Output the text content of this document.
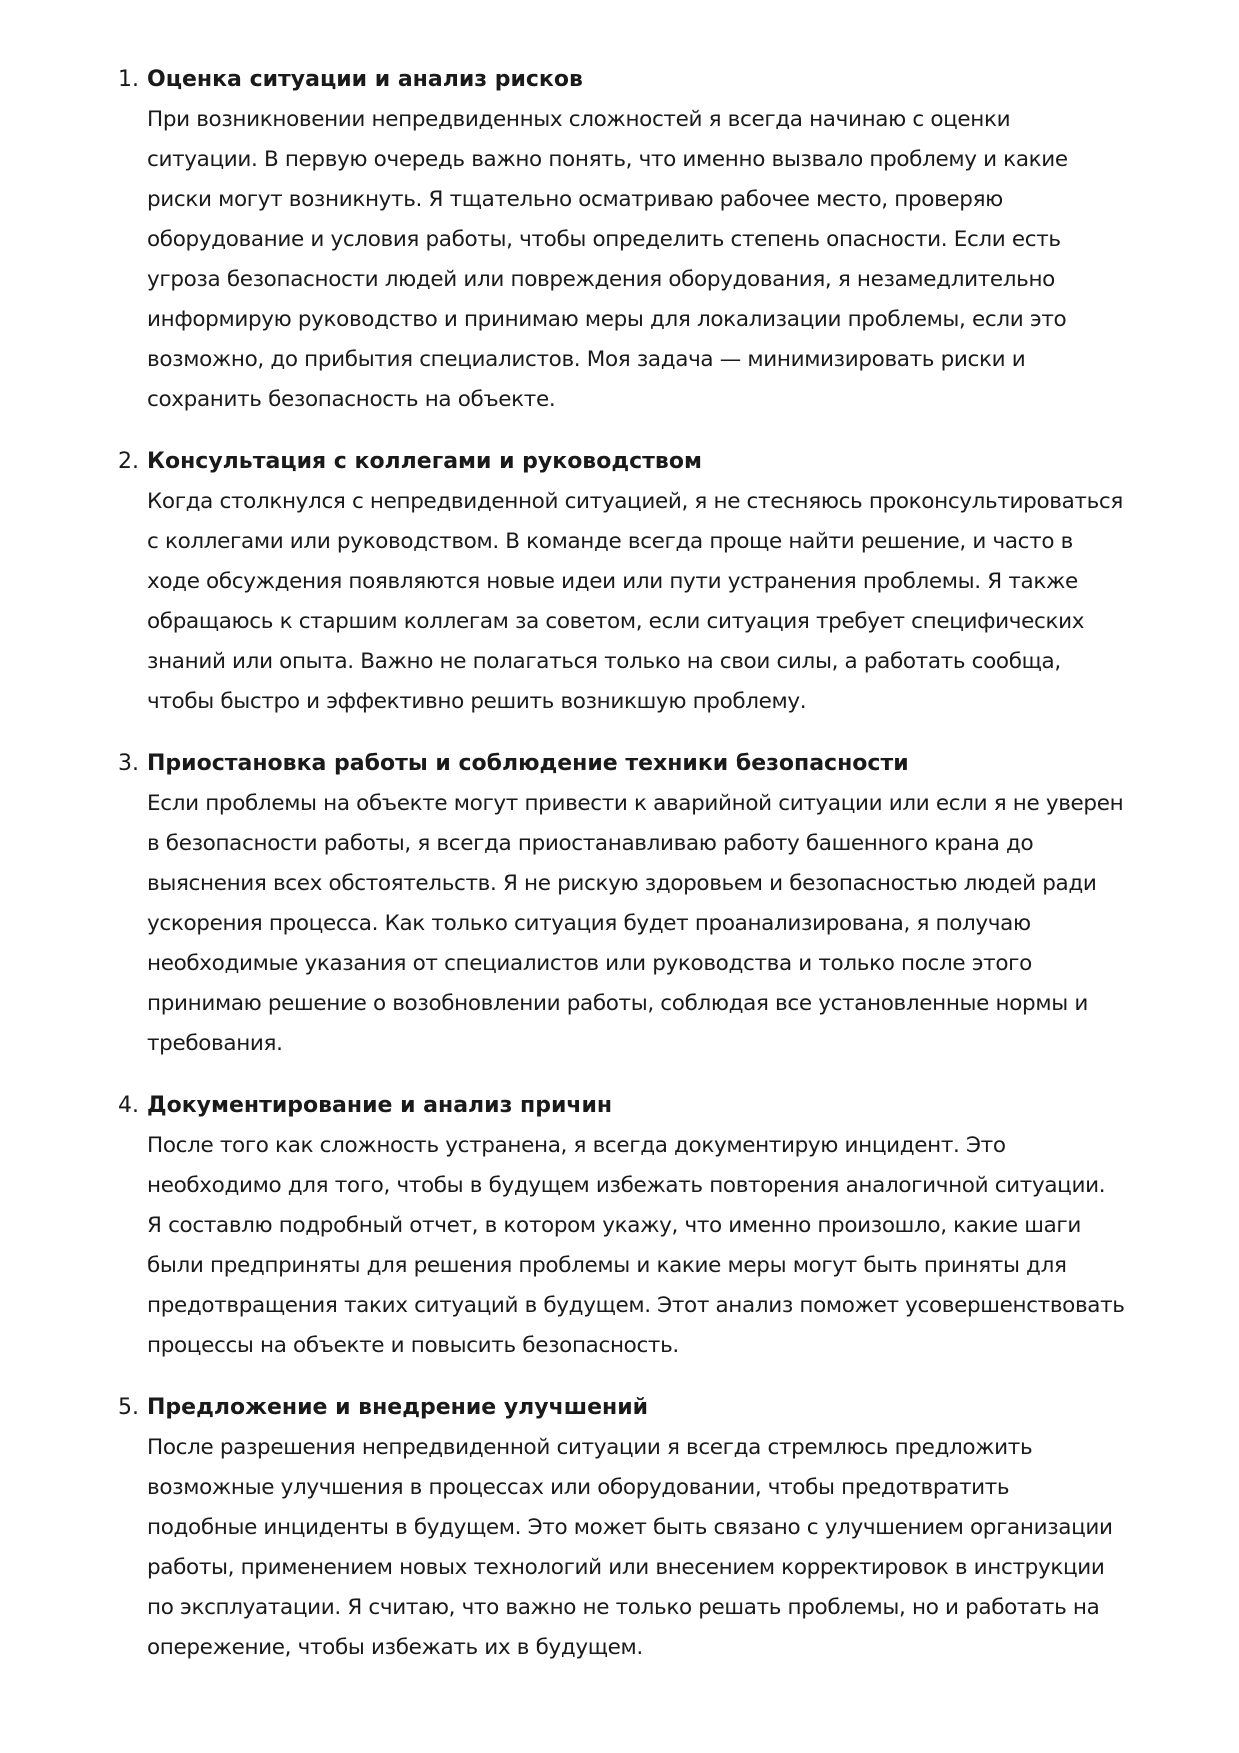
1. Оценка ситуации и анализ рисков
При возникновении непредвиденных сложностей я всегда начинаю с оценки
ситуации. В первую очередь важно понять, что именно вызвало проблему и какие
риски могут возникнуть. Я тщательно осматриваю рабочее место, проверяю
оборудование и условия работы, чтобы определить степень опасности. Если есть
угроза безопасности людей или повреждения оборудования, я незамедлительно
информирую руководство и принимаю меры для локализации проблемы, если это
возможно, до прибытия специалистов. Моя задача — минимизировать риски и
сохранить безопасность на объекте.
2. Консультация с коллегами и руководством
Когда столкнулся с непредвиденной ситуацией, я не стесняюсь проконсультироваться
с коллегами или руководством. В команде всегда проще найти решение, и часто в
ходе обсуждения появляются новые идеи или пути устранения проблемы. Я также
обращаюсь к старшим коллегам за советом, если ситуация требует специфических
знаний или опыта. Важно не полагаться только на свои силы, а работать сообща,
чтобы быстро и эффективно решить возникшую проблему.
3. Приостановка работы и соблюдение техники безопасности
Если проблемы на объекте могут привести к аварийной ситуации или если я не уверен
в безопасности работы, я всегда приостанавливаю работу башенного крана до
выяснения всех обстоятельств. Я не рискую здоровьем и безопасностью людей ради
ускорения процесса. Как только ситуация будет проанализирована, я получаю
необходимые указания от специалистов или руководства и только после этого
принимаю решение о возобновлении работы, соблюдая все установленные нормы и
требования.
4. Документирование и анализ причин
После того как сложность устранена, я всегда документирую инцидент. Это
необходимо для того, чтобы в будущем избежать повторения аналогичной ситуации.
Я составлю подробный отчет, в котором укажу, что именно произошло, какие шаги
были предприняты для решения проблемы и какие меры могут быть приняты для
предотвращения таких ситуаций в будущем. Этот анализ поможет усовершенствовать
процессы на объекте и повысить безопасность.
5. Предложение и внедрение улучшений
После разрешения непредвиденной ситуации я всегда стремлюсь предложить
возможные улучшения в процессах или оборудовании, чтобы предотвратить
подобные инциденты в будущем. Это может быть связано с улучшением организации
работы, применением новых технологий или внесением корректировок в инструкции
по эксплуатации. Я считаю, что важно не только решать проблемы, но и работать на
опережение, чтобы избежать их в будущем.
